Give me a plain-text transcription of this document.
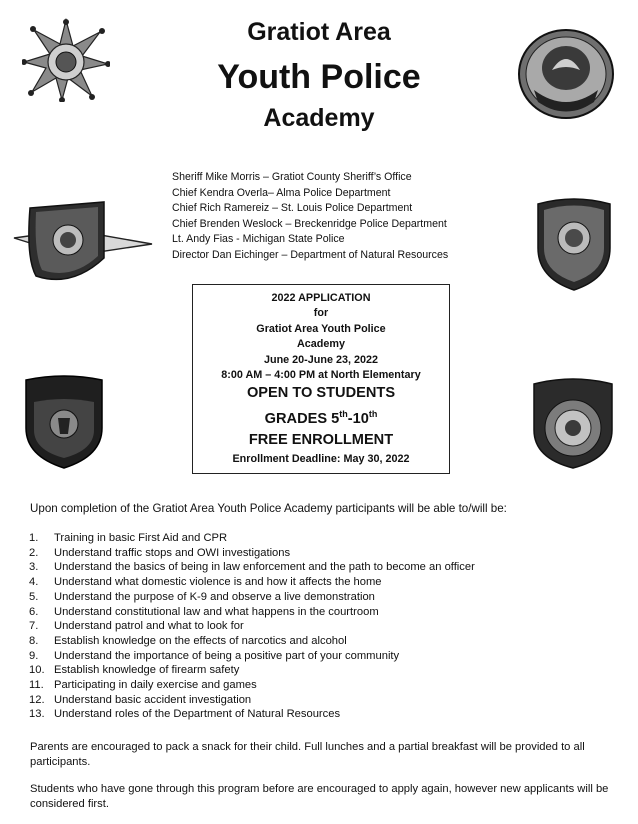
Gratiot Area
Youth Police
Academy
Sheriff Mike Morris – Gratiot County Sheriff’s Office
Chief Kendra Overla– Alma Police Department
Chief Rich Ramereiz – St. Louis Police Department
Chief Brenden Weslock – Breckenridge Police Department
Lt. Andy Fias - Michigan State Police
Director Dan Eichinger – Department of Natural Resources
2022 APPLICATION
for
Gratiot Area Youth Police
Academy
June 20-June 23, 2022
8:00 AM – 4:00 PM at North Elementary
OPEN TO STUDENTS
GRADES 5th-10th
FREE ENROLLMENT
Enrollment Deadline: May 30, 2022
Upon completion of the Gratiot Area Youth Police Academy participants will be able to/will be:
1.	Training in basic First Aid and CPR
2.	Understand traffic stops and OWI investigations
3.	Understand the basics of being in law enforcement and the path to become an officer
4.	Understand what domestic violence is and how it affects the home
5.	Understand the purpose of K-9 and observe a live demonstration
6.	Understand constitutional law and what happens in the courtroom
7.	Understand patrol and what to look for
8.	Establish knowledge on the effects of narcotics and alcohol
9.	Understand the importance of being a positive part of your community
10. Establish knowledge of firearm safety
11. Participating in daily exercise and games
12. Understand basic accident investigation
13. Understand roles of the Department of Natural Resources
Parents are encouraged to pack a snack for their child. Full lunches and a partial breakfast will be provided to all participants.
Students who have gone through this program before are encouraged to apply again, however new applicants will be considered first.
